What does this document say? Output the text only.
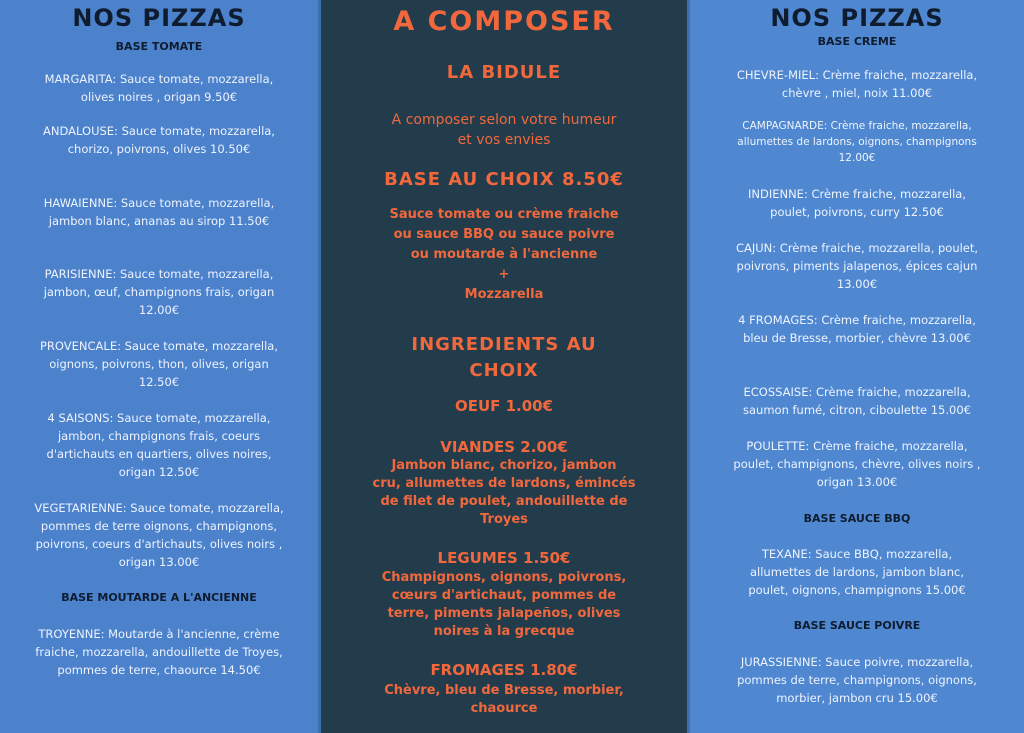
NOS PIZZAS
BASE TOMATE
MARGARITA: Sauce tomate, mozzarella, olives noires , origan 9.50€
ANDALOUSE: Sauce tomate, mozzarella, chorizo, poivrons, olives 10.50€
HAWAIENNE: Sauce tomate, mozzarella, jambon blanc, ananas au sirop 11.50€
PARISIENNE: Sauce tomate, mozzarella, jambon, œuf, champignons frais, origan 12.00€
PROVENCALE: Sauce tomate, mozzarella, oignons, poivrons, thon, olives, origan 12.50€
4 SAISONS: Sauce tomate, mozzarella, jambon, champignons frais, coeurs d'artichauts en quartiers, olives noires, origan 12.50€
VEGETARIENNE: Sauce tomate, mozzarella, pommes de terre oignons, champignons, poivrons, coeurs d'artichauts, olives noirs , origan 13.00€
BASE MOUTARDE A L'ANCIENNE
TROYENNE: Moutarde à l'ancienne, crème fraiche, mozzarella, andouillette de Troyes, pommes de terre, chaource 14.50€
A COMPOSER
LA BIDULE
A composer selon votre humeur
et vos envies
BASE AU CHOIX 8.50€
Sauce tomate ou crème fraiche
ou sauce BBQ ou sauce poivre
ou moutarde à l'ancienne
+
Mozzarella
INGREDIENTS AU
CHOIX
OEUF 1.00€
VIANDES 2.00€
Jambon blanc, chorizo, jambon
cru, allumettes de lardons, émincés
de filet de poulet, andouillette de
Troyes
LEGUMES 1.50€
Champignons, oignons, poivrons,
cœurs d'artichaut, pommes de
terre, piments jalapeños, olives
noires à la grecque
FROMAGES 1.80€
Chèvre, bleu de Bresse, morbier,
chaource
NOS PIZZAS
BASE CREME
CHEVRE-MIEL: Crème fraiche, mozzarella, chèvre , miel, noix 11.00€
CAMPAGNARDE: Crème fraiche, mozzarella, allumettes de lardons, oignons, champignons 12.00€
INDIENNE: Crème fraiche, mozzarella, poulet, poivrons, curry 12.50€
CAJUN: Crème fraiche, mozzarella, poulet, poivrons, piments jalapenos, épices cajun 13.00€
4 FROMAGES: Crème fraiche, mozzarella, bleu de Bresse, morbier, chèvre 13.00€
ECOSSAISE: Crème fraiche, mozzarella, saumon fumé, citron, ciboulette 15.00€
POULETTE: Crème fraiche, mozzarella, poulet, champignons, chèvre, olives noirs , origan 13.00€
BASE SAUCE BBQ
TEXANE: Sauce BBQ, mozzarella, allumettes de lardons, jambon blanc, poulet, oignons, champignons 15.00€
BASE SAUCE POIVRE
JURASSIENNE: Sauce poivre, mozzarella, pommes de terre, champignons, oignons, morbier, jambon cru 15.00€
